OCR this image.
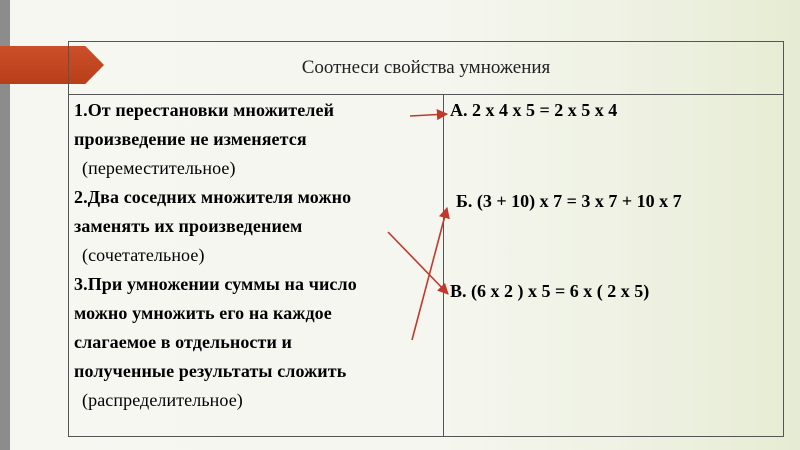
Соотнеси свойства умножения
1.От перестановки множителей
произведение не изменяется
(переместительное)
2.Два соседних множителя можно
заменять их произведением
(сочетательное)
3.При умножении суммы на число
можно умножить его на каждое
слагаемое в отдельности и
полученные результаты сложить
(распределительное)
А. 2 х 4 х 5 = 2 х 5 х 4
Б. (3 + 10) х 7 = 3 х 7 + 10 х 7
В. (6 х 2 ) х 5 = 6 х ( 2 х 5)
